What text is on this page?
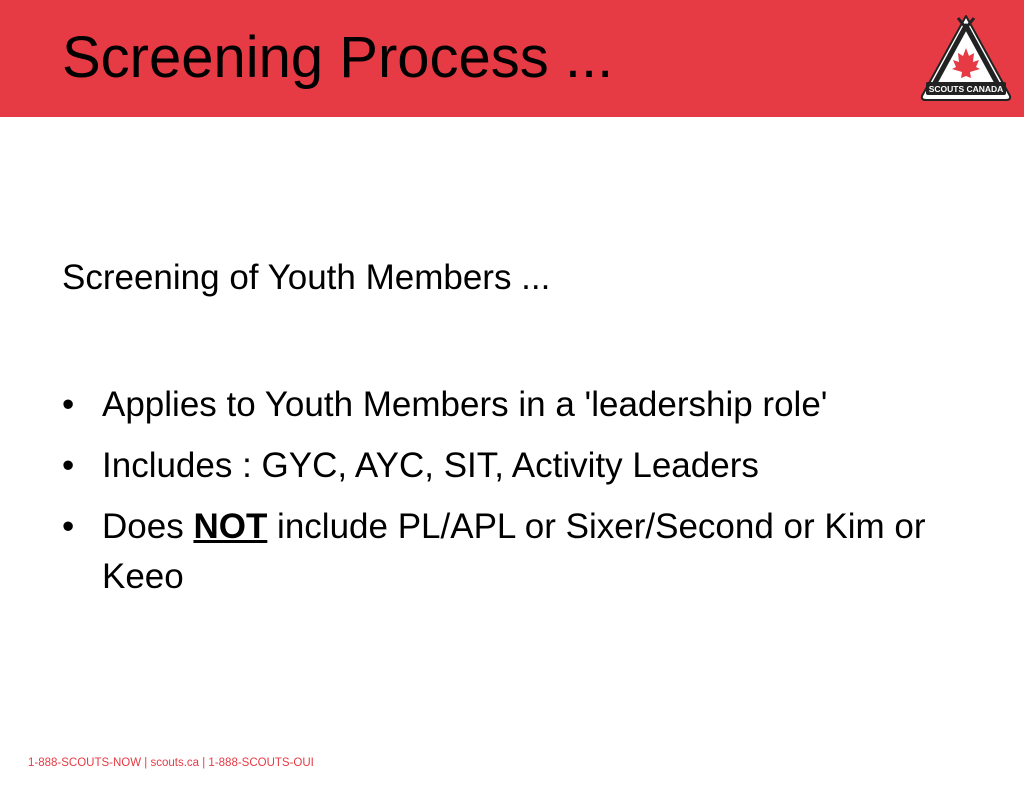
Screening Process ...	SCOUTS CANADA
Screening of Youth Members ...
• Applies to Youth Members in a 'leadership role'
• Includes : GYC, AYC, SIT, Activity Leaders
• Does NOT include PL/APL or Sixer/Second or Kim or Keeo
1-888-SCOUTS-NOW | scouts.ca | 1-888-SCOUTS-OUI
